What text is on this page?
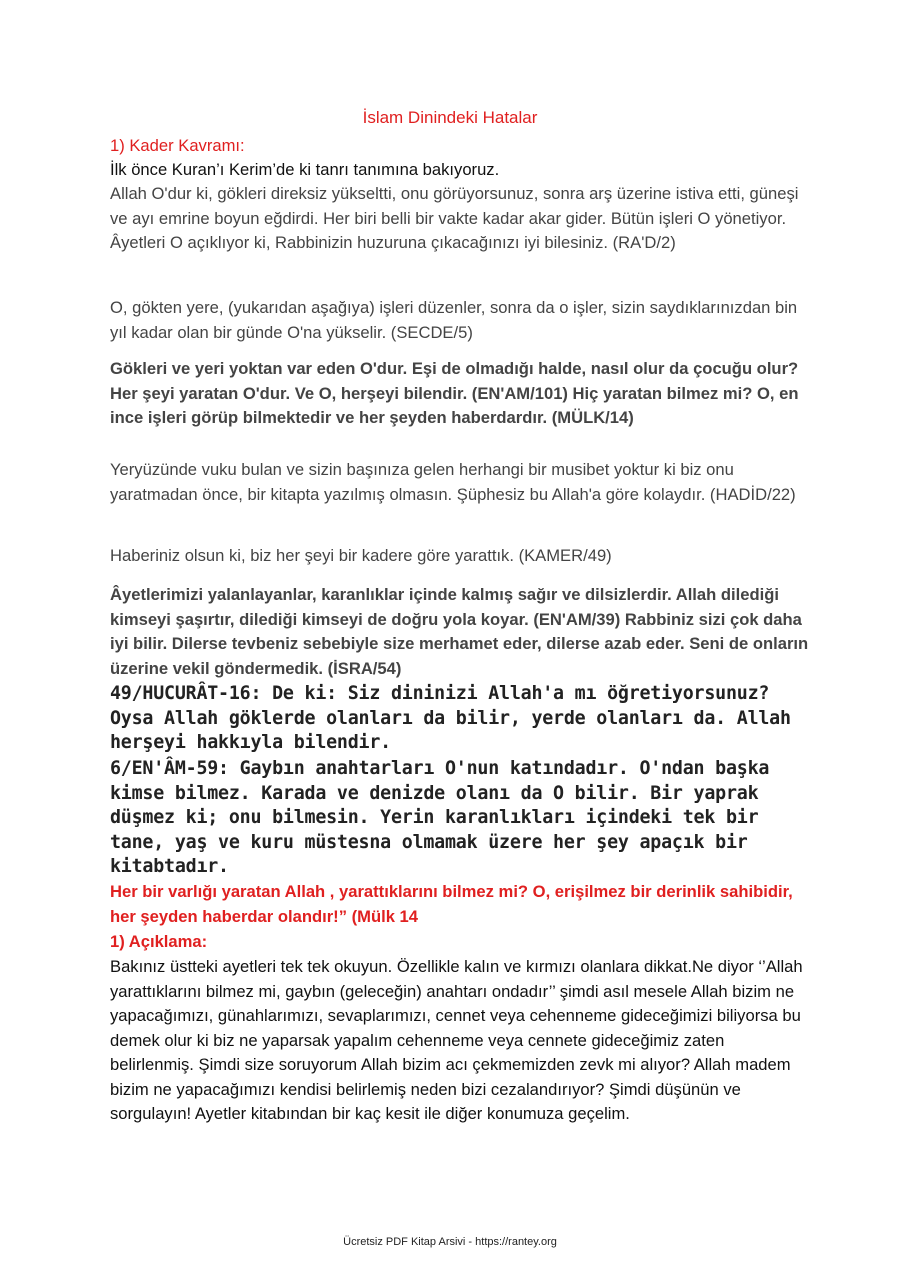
İslam Dinindeki Hatalar

1) Kader Kavramı:

İlk önce Kuran’ı Kerim’de ki tanrı tanımına bakıyoruz.

Allah O'dur ki, gökleri direksiz yükseltti, onu görüyorsunuz, sonra arş üzerine istiva etti, güneşi ve ayı emrine boyun eğdirdi. Her biri belli bir vakte kadar akar gider. Bütün işleri O yönetiyor. Âyetleri O açıklıyor ki, Rabbinizin huzuruna çıkacağınızı iyi bilesiniz. (RA'D/2)

O, gökten yere, (yukarıdan aşağıya) işleri düzenler, sonra da o işler, sizin saydıklarınızdan bin yıl kadar olan bir günde O'na yükselir. (SECDE/5)

Gökleri ve yeri yoktan var eden O'dur. Eşi de olmadığı halde, nasıl olur da çocuğu olur? Her şeyi yaratan O'dur. Ve O, herşeyi bilendir. (EN'AM/101) Hiç yaratan bilmez mi? O, en ince işleri görüp bilmektedir ve her şeyden haberdardır. (MÜLK/14)

Yeryüzünde vuku bulan ve sizin başınıza gelen herhangi bir musibet yoktur ki biz onu yaratmadan önce, bir kitapta yazılmış olmasın. Şüphesiz bu Allah'a göre kolaydır. (HADİD/22)

Haberiniz olsun ki, biz her şeyi bir kadere göre yarattık. (KAMER/49)

Âyetlerimizi yalanlayanlar, karanlıklar içinde kalmış sağır ve dilsizlerdir. Allah dilediği kimseyi şaşırtır, dilediği kimseyi de doğru yola koyar. (EN'AM/39) Rabbiniz sizi çok daha iyi bilir. Dilerse tevbeniz sebebiyle size merhamet eder, dilerse azab eder. Seni de onların üzerine vekil göndermedik. (İSRA/54)

49/HUCURÂT-16: De ki: Siz dininizi Allah'a mı öğretiyorsunuz? Oysa Allah göklerde olanları da bilir, yerde olanları da. Allah herşeyi hakkıyla bilendir.

6/EN'ÂM-59: Gaybın anahtarları O'nun katındadır. O'ndan başka kimse bilmez. Karada ve denizde olanı da O bilir. Bir yaprak düşmez ki; onu bilmesin. Yerin karanlıkları içindeki tek bir tane, yaş ve kuru müstesna olmamak üzere her şey apaçık bir kitabtadır.

Her bir varlığı yaratan Allah , yarattıklarını bilmez mi? O, erişilmez bir derinlik sahibidir, her şeyden haberdar olandır!” (Mülk 14

1) Açıklama:

Bakınız üstteki ayetleri tek tek okuyun. Özellikle kalın ve kırmızı olanlara dikkat.Ne diyor ‘’Allah yarattıklarını bilmez mi, gaybın (geleceğin) anahtarı ondadır’’ şimdi asıl mesele Allah bizim ne yapacağımızı, günahlarımızı, sevaplarımızı, cennet veya cehenneme gideceğimizi biliyorsa bu demek olur ki biz ne yaparsak yapalım cehenneme veya cennete gideceğimiz zaten belirlenmiş. Şimdi size soruyorum Allah bizim acı çekmemizden zevk mi alıyor? Allah madem bizim ne yapacağımızı kendisi belirlemiş neden bizi cezalandırıyor? Şimdi düşünün ve sorgulayın! Ayetler kitabından bir kaç kesit ile diğer konumuza geçelim.

Ücretsiz PDF Kitap Arsivi - https://rantey.org
